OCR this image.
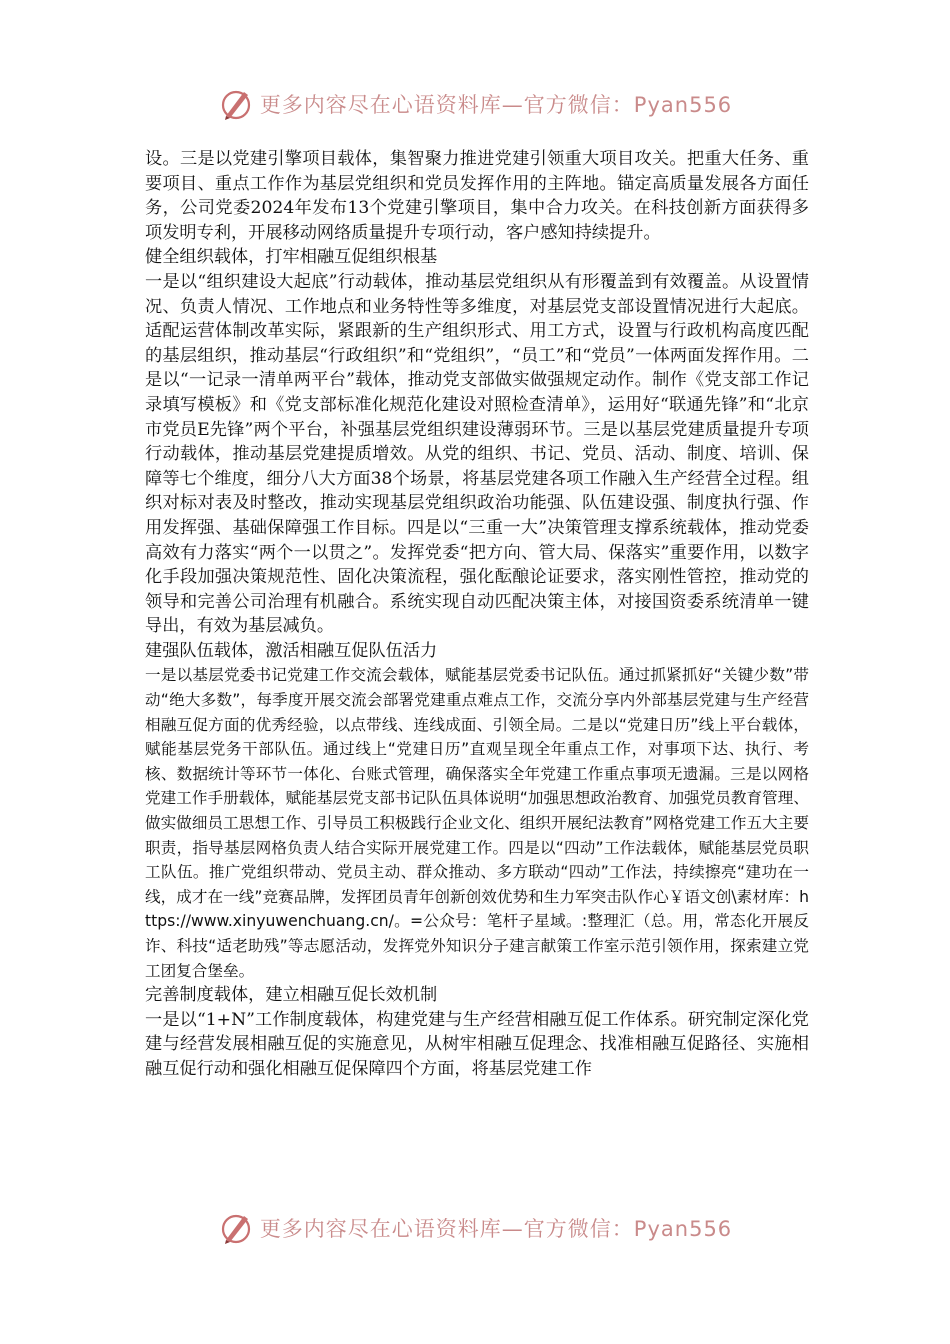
更多内容尽在心语资料库—官方微信：Pyan556

设。三是以党建引擎项目载体，集智聚力推进党建引领重大项目攻关。把重大任务、重要项目、重点工作作为基层党组织和党员发挥作用的主阵地。锚定高质量发展各方面任务，公司党委2024年发布13个党建引擎项目，集中合力攻关。在科技创新方面获得多项发明专利，开展移动网络质量提升专项行动，客户感知持续提升。

健全组织载体，打牢相融互促组织根基

一是以“组织建设大起底”行动载体，推动基层党组织从有形覆盖到有效覆盖。从设置情况、负责人情况、工作地点和业务特性等多维度，对基层党支部设置情况进行大起底。适配运营体制改革实际，紧跟新的生产组织形式、用工方式，设置与行政机构高度匹配的基层组织，推动基层“行政组织”和“党组织”，“员工”和“党员”一体两面发挥作用。二是以“一记录一清单两平台”载体，推动党支部做实做强规定动作。制作《党支部工作记录填写模板》和《党支部标准化规范化建设对照检查清单》，运用好“联通先锋”和“北京市党员E先锋”两个平台，补强基层党组织建设薄弱环节。三是以基层党建质量提升专项行动载体，推动基层党建提质增效。从党的组织、书记、党员、活动、制度、培训、保障等七个维度，细分八大方面38个场景，将基层党建各项工作融入生产经营全过程。组织对标对表及时整改，推动实现基层党组织政治功能强、队伍建设强、制度执行强、作用发挥强、基础保障强工作目标。四是以“三重一大”决策管理支撑系统载体，推动党委高效有力落实“两个一以贯之”。发挥党委“把方向、管大局、保落实”重要作用，以数字化手段加强决策规范性、固化决策流程，强化酝酿论证要求，落实刚性管控，推动党的领导和完善公司治理有机融合。系统实现自动匹配决策主体，对接国资委系统清单一键导出，有效为基层减负。

建强队伍载体，激活相融互促队伍活力

一是以基层党委书记党建工作交流会载体，赋能基层党委书记队伍。通过抓紧抓好“关键少数”带动“绝大多数”，每季度开展交流会部署党建重点难点工作，交流分享内外部基层党建与生产经营相融互促方面的优秀经验，以点带线、连线成面、引领全局。二是以“党建日历”线上平台载体，赋能基层党务干部队伍。通过线上“党建日历”直观呈现全年重点工作，对事项下达、执行、考核、数据统计等环节一体化、台账式管理，确保落实全年党建工作重点事项无遗漏。三是以网格党建工作手册载体，赋能基层党支部书记队伍具体说明“加强思想政治教育、加强党员教育管理、做实做细员工思想工作、引导员工积极践行企业文化、组织开展纪法教育”网格党建工作五大主要职责，指导基层网格负责人结合实际开展党建工作。四是以“四动”工作法载体，赋能基层党员职工队伍。推广党组织带动、党员主动、群众推动、多方联动“四动”工作法，持续擦亮“建功在一线，成才在一线”竞赛品牌，发挥团员青年创新创效优势和生力军突击队作心￥语文创\素材库：https://www.xinyuwenchuang.cn/。=公众号：笔杆子星域。:整理汇（总。用，常态化开展反诈、科技“适老助残”等志愿活动，发挥党外知识分子建言献策工作室示范引领作用，探索建立党工团复合堡垒。

完善制度载体，建立相融互促长效机制

一是以“1+N”工作制度载体，构建党建与生产经营相融互促工作体系。研究制定深化党建与经营发展相融互促的实施意见，从树牢相融互促理念、找准相融互促路径、实施相融互促行动和强化相融互促保障四个方面，将基层党建工作

更多内容尽在心语资料库—官方微信：Pyan556
